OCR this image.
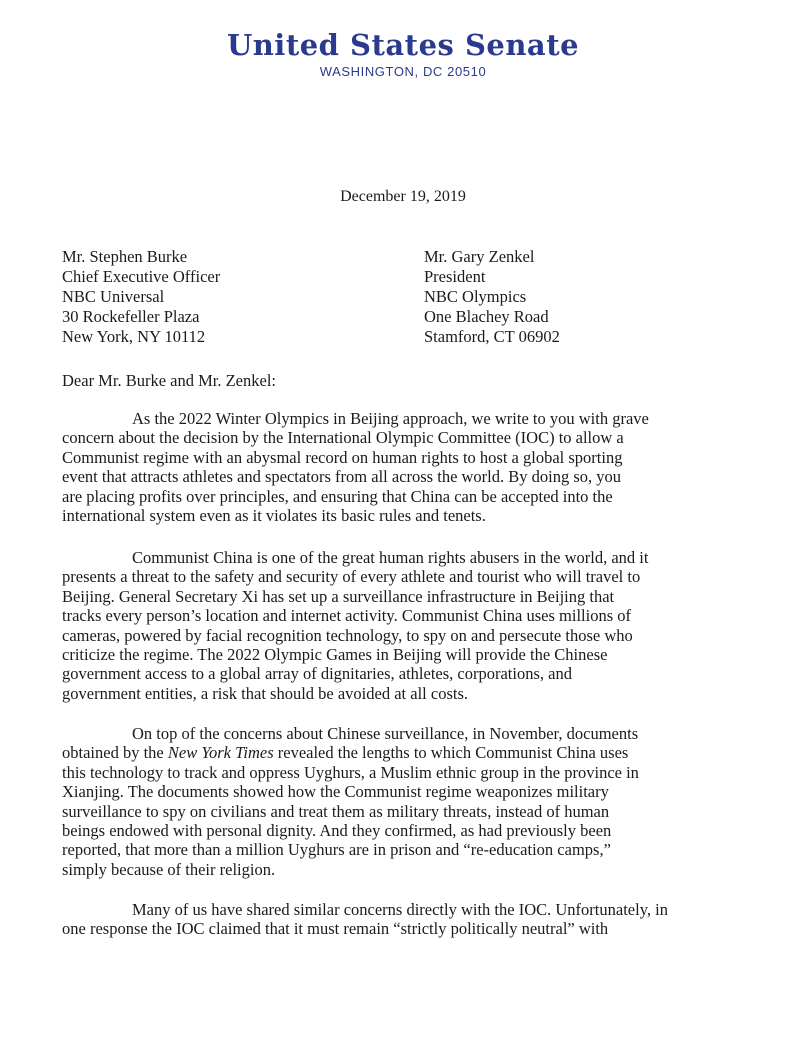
United States Senate
WASHINGTON, DC 20510
December 19, 2019
Mr. Stephen Burke
Chief Executive Officer
NBC Universal
30 Rockefeller Plaza
New York, NY 10112
Mr. Gary Zenkel
President
NBC Olympics
One Blachey Road
Stamford, CT 06902
Dear Mr. Burke and Mr. Zenkel:

As the 2022 Winter Olympics in Beijing approach, we write to you with grave
concern about the decision by the International Olympic Committee (IOC) to allow a
Communist regime with an abysmal record on human rights to host a global sporting
event that attracts athletes and spectators from all across the world. By doing so, you
are placing profits over principles, and ensuring that China can be accepted into the
international system even as it violates its basic rules and tenets.

Communist China is one of the great human rights abusers in the world, and it
presents a threat to the safety and security of every athlete and tourist who will travel to
Beijing. General Secretary Xi has set up a surveillance infrastructure in Beijing that
tracks every person’s location and internet activity. Communist China uses millions of
cameras, powered by facial recognition technology, to spy on and persecute those who
criticize the regime. The 2022 Olympic Games in Beijing will provide the Chinese
government access to a global array of dignitaries, athletes, corporations, and
government entities, a risk that should be avoided at all costs.

On top of the concerns about Chinese surveillance, in November, documents
obtained by the New York Times revealed the lengths to which Communist China uses
this technology to track and oppress Uyghurs, a Muslim ethnic group in the province in
Xianjing. The documents showed how the Communist regime weaponizes military
surveillance to spy on civilians and treat them as military threats, instead of human
beings endowed with personal dignity. And they confirmed, as had previously been
reported, that more than a million Uyghurs are in prison and “re-education camps,”
simply because of their religion.

Many of us have shared similar concerns directly with the IOC. Unfortunately, in
one response the IOC claimed that it must remain “strictly politically neutral” with
